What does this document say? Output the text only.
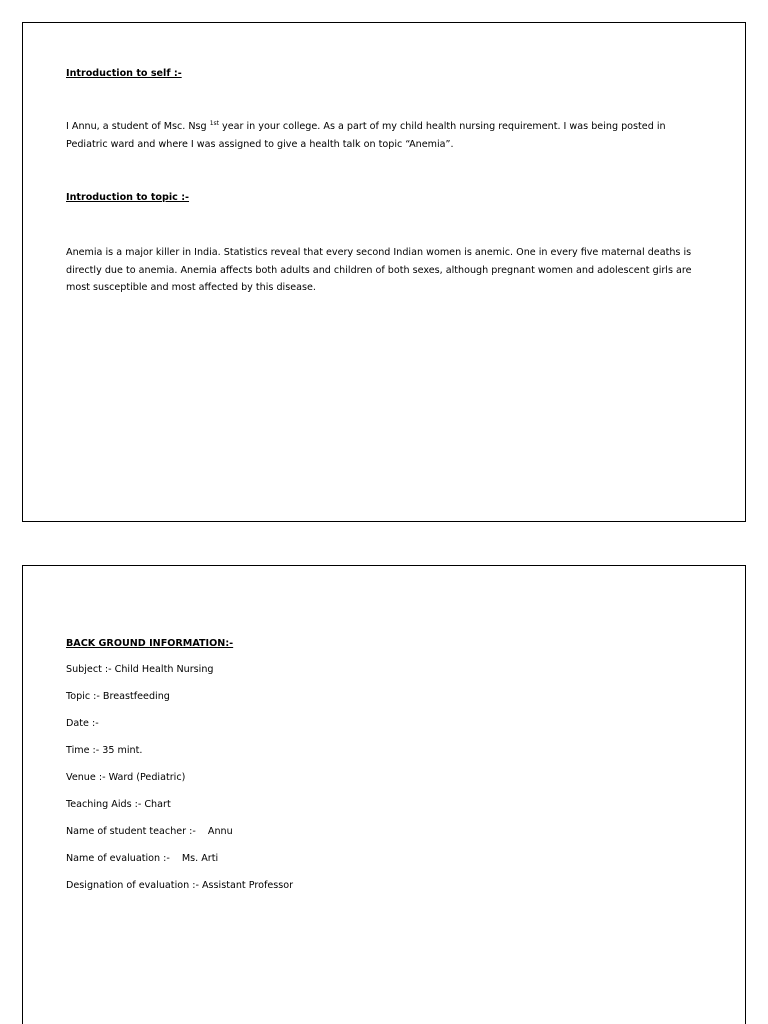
Introduction to self :-
I Annu, a student of Msc. Nsg $^{1st}$ year in your college. As a part of my child health nursing requirement. I was being posted in Pediatric ward and where I was assigned to give a health talk on topic “Anemia”.
Introduction to topic :-
Anemia is a major killer in India. Statistics reveal that every second Indian women is anemic. One in every five maternal deaths is directly due to anemia. Anemia affects both adults and children of both sexes, although pregnant women and adolescent girls are most susceptible and most affected by this disease.
BACK GROUND INFORMATION:-
Subject :- Child Health Nursing
Topic :- Breastfeeding
Date :-
Time :- 35 mint.
Venue :- Ward (Pediatric)
Teaching Aids :- Chart
Name of student teacher :- Annu
Name of evaluation :- Ms. Arti
Designation of evaluation :- Assistant Professor
